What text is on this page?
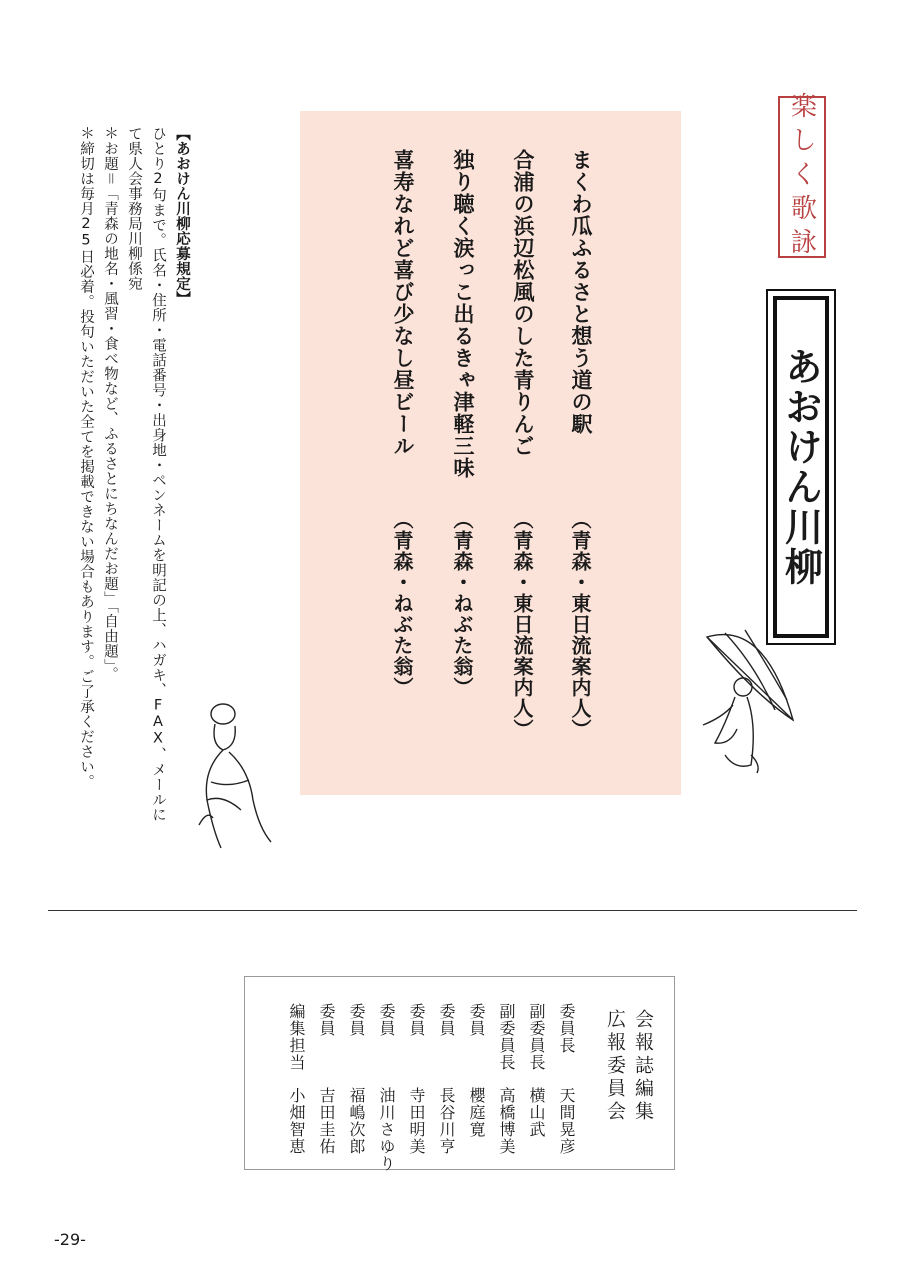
楽しく歌詠
あおけん川柳
まくわ瓜ふるさと想う道の駅
（青森・東日流案内人）
合浦の浜辺松風のした青りんご
（青森・東日流案内人）
独り聴く涙っこ出るきゃ津軽三味
（青森・ねぶた翁）
喜寿なれど喜び少なし昼ビール
（青森・ねぶた翁）
【あおけん川柳応募規定】
ひとり2句まで。氏名・住所・電話番号・出身地・ペンネームを明記の上、ハガキ、FAX、メールに
て県人会事務局川柳係宛
＊お題＝「青森の地名・風習・食べ物など、ふるさとにちなんだお題」「自由題」。
＊締切は毎月25日必着。投句いただいた全てを掲載できない場合もあります。ご了承ください。
会報誌編集
広報委員会
委員長
天間晃彦
副委員長
横山武
副委員長
高橋博美
委員
櫻庭寛
委員
長谷川亨
委員
寺田明美
委員
油川さゆり
委員
福嶋次郎
委員
吉田圭佑
編集担当
小畑智恵
-29-
